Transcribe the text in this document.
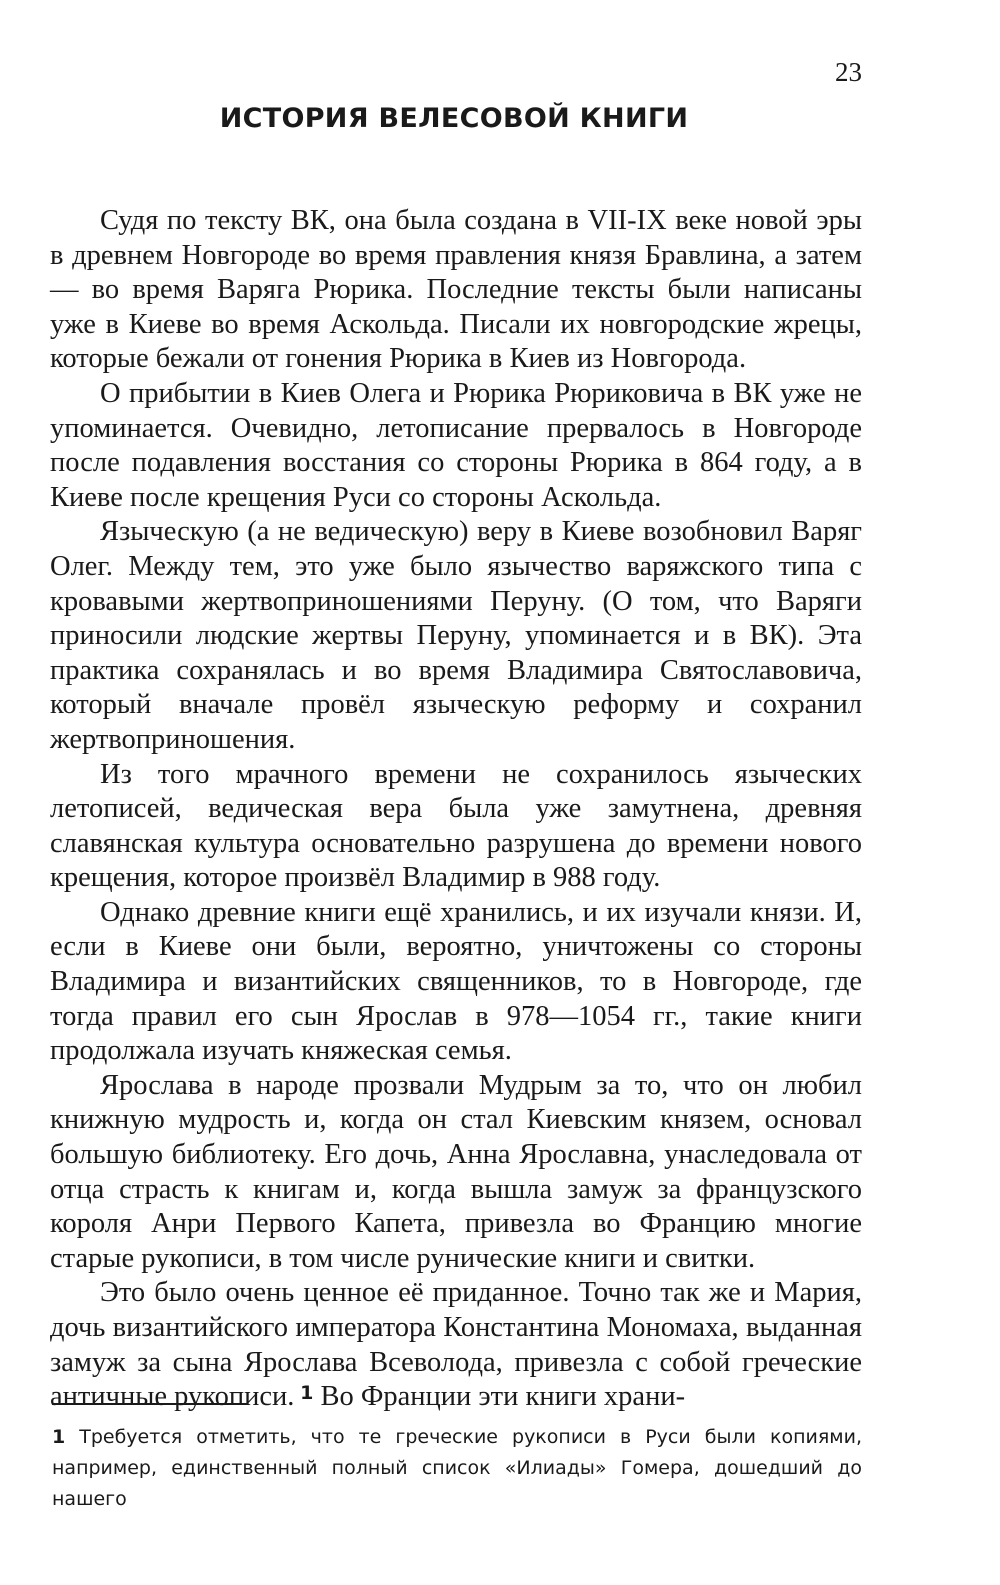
23
ИСТОРИЯ ВЕЛЕСОВОЙ КНИГИ

Судя по тексту ВК, она была создана в VII-IX веке новой эры в древнем Новгороде во время правления князя Бравлина, а затем — во время Варяга Рюрика. Последние тексты были написаны уже в Киеве во время Аскольда. Писали их новгородские жрецы, которые бежали от гонения Рюрика в Киев из Новгорода.

О прибытии в Киев Олега и Рюрика Рюриковича в ВК уже не упоминается. Очевидно, летописание прервалось в Новгороде после подавления восстания со стороны Рюрика в 864 году, а в Киеве после крещения Руси со стороны Аскольда.

Языческую (а не ведическую) веру в Киеве возобновил Варяг Олег. Между тем, это уже было язычество варяжского типа с кровавыми жертвоприношениями Перуну. (О том, что Варяги приносили людские жертвы Перуну, упоминается и в ВК). Эта практика сохранялась и во время Владимира Святославовича, который вначале провёл языческую реформу и сохранил жертвоприношения.

Из того мрачного времени не сохранилось языческих летописей, ведическая вера была уже замутнена, древняя славянская культура основательно разрушена до времени нового крещения, которое произвёл Владимир в 988 году.

Однако древние книги ещё хранились, и их изучали князи. И, если в Киеве они были, вероятно, уничтожены со стороны Владимира и византийских священников, то в Новгороде, где тогда правил его сын Ярослав в 978—1054 гг., такие книги продолжала изучать княжеская семья.

Ярослава в народе прозвали Мудрым за то, что он любил книжную мудрость и, когда он стал Киевским князем, основал большую библиотеку. Его дочь, Анна Ярославна, унаследовала от отца страсть к книгам и, когда вышла замуж за французского короля Анри Первого Капета, привезла во Францию многие старые рукописи, в том числе рунические книги и свитки.

Это было очень ценное её приданное. Точно так же и Мария, дочь византийского императора Константина Мономаха, выданная замуж за сына Ярослава Всеволода, привезла с собой греческие античные рукописи.  $^1$ Во Франции эти книги храни-

1 Требуется отметить, что те греческие рукописи в Руси были копиями, например, единственный полный список «Илиады» Гомера, дошедший до нашего
